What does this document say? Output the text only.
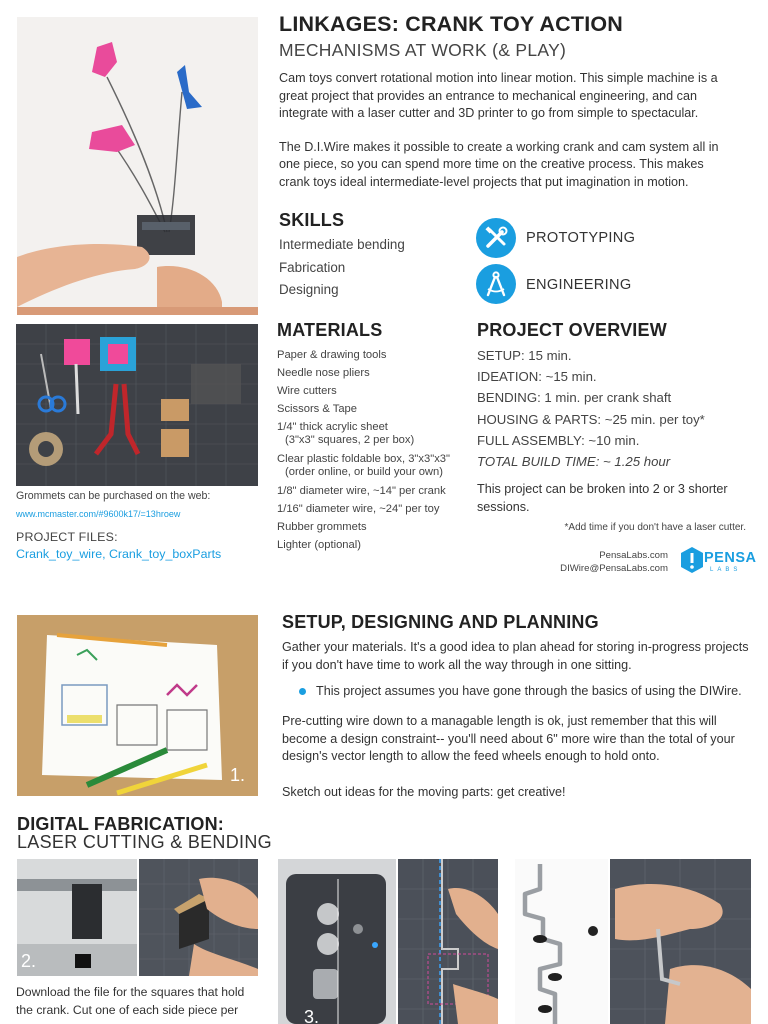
LINKAGES: CRANK TOY ACTION
MECHANISMS AT WORK (& PLAY)

Cam toys convert rotational motion into linear motion. This simple machine is a great project that provides an entrance to mechanical engineering, and can integrate with a laser cutter and 3D printer to go from simple to spectacular.

The D.I.Wire makes it possible to create a working crank and cam system all in one piece, so you can spend more time on the creative process. This makes crank toys ideal intermediate-level projects that put imagination in motion.

SKILLS
Intermediate bending
Fabrication
Designing
PROTOTYPING
ENGINEERING
Grommets can be purchased on the web:
www.mcmaster.com/#9600k17/=13hroew
PROJECT FILES:
Crank_toy_wire, Crank_toy_boxParts
MATERIALS
Paper & drawing tools
Needle nose pliers
Wire cutters
Scissors & Tape
1/4" thick acrylic sheet
(3"x3" squares, 2 per box)
Clear plastic foldable box, 3"x3"x3"
(order online, or build your own)
1/8" diameter wire, ~14" per crank
1/16" diameter wire, ~24" per toy
Rubber grommets
Lighter (optional)
PROJECT OVERVIEW
SETUP: 15 min.
IDEATION: ~15 min.
BENDING: 1 min. per crank shaft
HOUSING & PARTS: ~25 min. per toy*
FULL ASSEMBLY: ~10 min.
TOTAL BUILD TIME: ~ 1.25 hour

This project can be broken into 2 or 3 shorter sessions.

*Add time if you don't have a laser cutter.
PensaLabs.com
DIWire@PensaLabs.com
PENSA
LABS
1.
SETUP, DESIGNING AND PLANNING

Gather your materials. It's a good idea to plan ahead for storing in-progress projects if you don't have time to work all the way through in one sitting.

This project assumes you have gone through the basics of using the DIWire.

Pre-cutting wire down to a managable length is ok, just remember that this will become a design constraint-- you'll need about 6" more wire than the total of your design's vector length to allow the feed wheels enough to hold onto.

Sketch out ideas for the moving parts: get creative!

DIGITAL FABRICATION:
LASER CUTTING & BENDING
2.
3.

Download the file for the squares that hold the crank. Cut one of each side piece per
